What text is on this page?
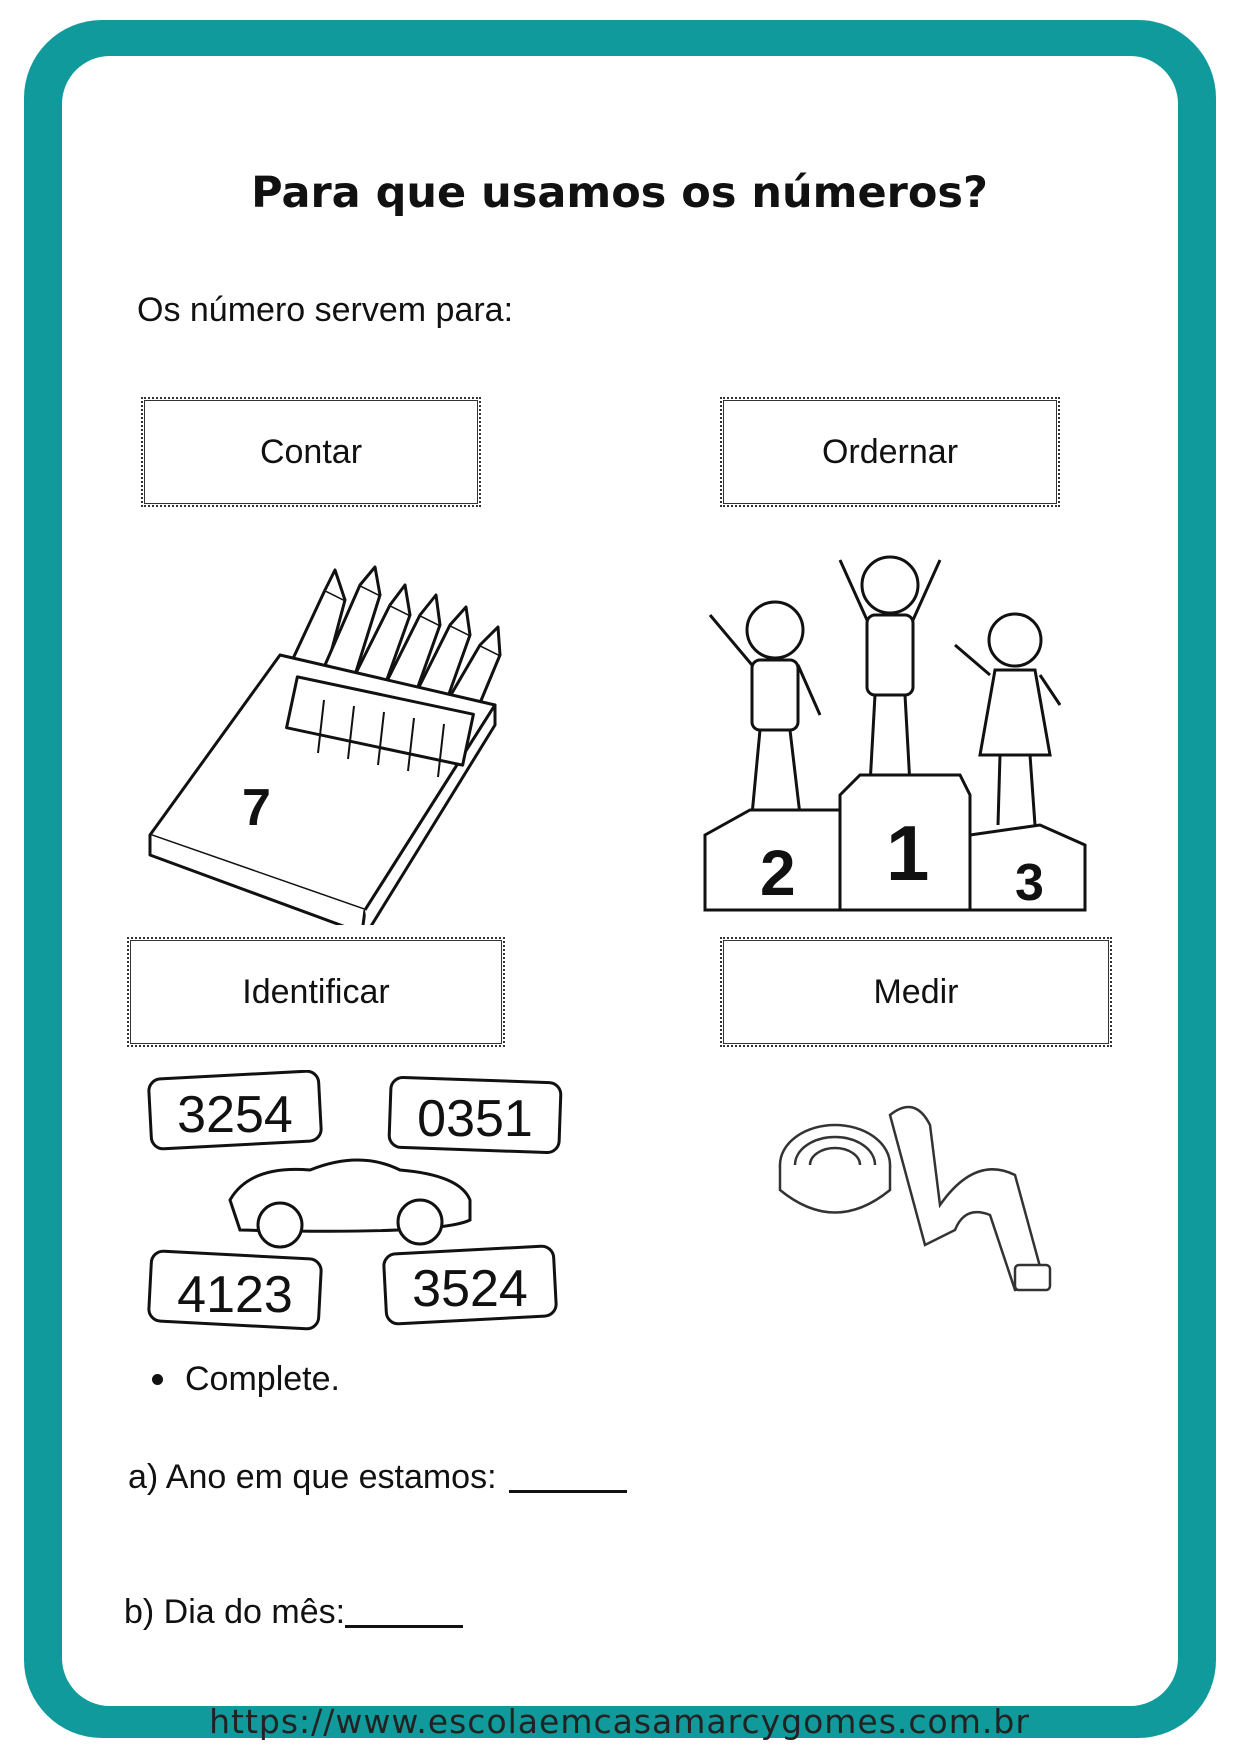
Para que usamos os números?

Os número servem para:

Contar	Ordernar
Identificar	Medir
7
2 1 3
3254 0351
4123 3524
Complete.
a) Ano em que estamos:
b) Dia do mês:
https://www.escolaemcasamarcygomes.com.br
